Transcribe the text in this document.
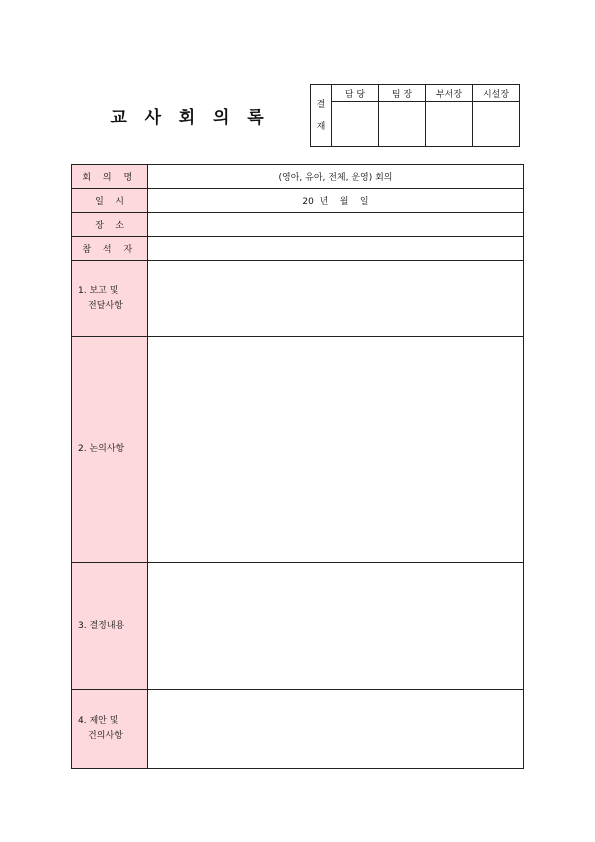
교 사 회 의 록
결
재	담 당	팀 장	부서장	시설장

회 의 명	(영아, 유아, 전체, 운영) 회의
일    시	20  년    월    일
장    소	
참 석 자	

1. 보고 및
전달사항	

2. 논의사항	

3. 결정내용	

4. 제안 및
건의사항	
